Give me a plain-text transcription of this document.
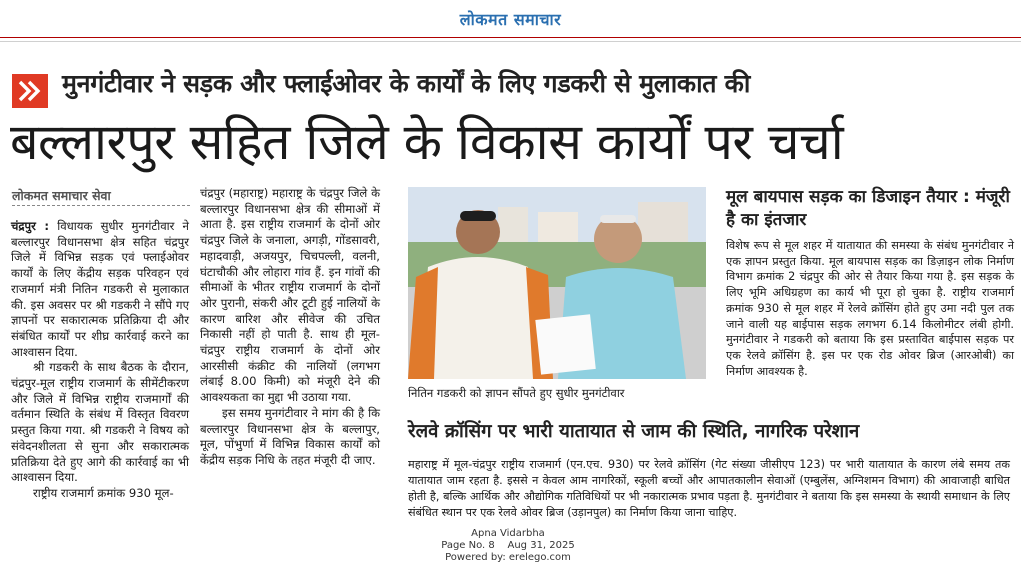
लोकमत समाचार
मुनगंटीवार ने सड़क और फ्लाईओवर के कार्यों के लिए गडकरी से मुलाकात की
बल्लारपुर सहित जिले के विकास कार्यों पर चर्चा
लोकमत समाचार सेवा

चंद्रपुर : विधायक सुधीर मुनगंटीवार ने बल्लारपुर विधानसभा क्षेत्र सहित चंद्रपुर जिले में विभिन्न सड़क एवं फ्लाईओवर कार्यों के लिए केंद्रीय सड़क परिवहन एवं राजमार्ग मंत्री नितिन गडकरी से मुलाकात की. इस अवसर पर श्री गडकरी ने सौंपे गए ज्ञापनों पर सकारात्मक प्रतिक्रिया दी और संबंधित कार्यों पर शीघ्र कार्रवाई करने का आश्वासन दिया.

श्री गडकरी के साथ बैठक के दौरान, चंद्रपुर-मूल राष्ट्रीय राजमार्ग के सीमेंटीकरण और जिले में विभिन्न राष्ट्रीय राजमार्गों की वर्तमान स्थिति के संबंध में विस्तृत विवरण प्रस्तुत किया गया. श्री गडकरी ने विषय को संवेदनशीलता से सुना और सकारात्मक प्रतिक्रिया देते हुए आगे की कार्रवाई का भी आश्वासन दिया.

राष्ट्रीय राजमार्ग क्रमांक 930 मूल-

चंद्रपुर (महाराष्ट्र) महाराष्ट्र के चंद्रपुर जिले के बल्लारपुर विधानसभा क्षेत्र की सीमाओं में आता है. इस राष्ट्रीय राजमार्ग के दोनों ओर चंद्रपुर जिले के जनाला, अगड़ी, गोंडसावरी, महादवाड़ी, अजयपुर, चिचपल्ली, वलनी, घंटाचौकी और लोहारा गांव हैं. इन गांवों की सीमाओं के भीतर राष्ट्रीय राजमार्ग के दोनों ओर पुरानी, संकरी और टूटी हुई नालियों के कारण बारिश और सीवेज की उचित निकासी नहीं हो पाती है. साथ ही मूल-चंद्रपुर राष्ट्रीय राजमार्ग के दोनों ओर आरसीसी कंक्रीट की नालियों (लगभग लंबाई 8.00 किमी) को मंजूरी देने की आवश्यकता का मुद्दा भी उठाया गया.

इस समय मुनगंटीवार ने मांग की है कि बल्लारपुर विधानसभा क्षेत्र के बल्लापुर, मूल, पोंभुर्णा में विभिन्न विकास कार्यों को केंद्रीय सड़क निधि के तहत मंजूरी दी जाए.

नितिन गडकरी को ज्ञापन सौंपते हुए सुधीर मुनगंटीवार
मूल बायपास सड़क का डिजाइन तैयार : मंजूरी है का इंतजार

विशेष रूप से मूल शहर में यातायात की समस्या के संबंध मुनगंटीवार ने एक ज्ञापन प्रस्तुत किया. मूल बायपास सड़क का डिज़ाइन लोक निर्माण विभाग क्रमांक 2 चंद्रपुर की ओर से तैयार किया गया है. इस सड़क के लिए भूमि अधिग्रहण का कार्य भी पूरा हो चुका है. राष्ट्रीय राजमार्ग क्रमांक 930 से मूल शहर में रेलवे क्रॉसिंग होते हुए उमा नदी पुल तक जाने वाली यह बाईपास सड़क लगभग 6.14 किलोमीटर लंबी होगी. मुनगंटीवार ने गडकरी को बताया कि इस प्रस्तावित बाईपास सड़क पर एक रेलवे क्रॉसिंग है. इस पर एक रोड ओवर ब्रिज (आरओबी) का निर्माण आवश्यक है.

रेलवे क्रॉसिंग पर भारी यातायात से जाम की स्थिति, नागरिक परेशान

महाराष्ट्र में मूल-चंद्रपुर राष्ट्रीय राजमार्ग (एन.एच. 930) पर रेलवे क्रॉसिंग (गेट संख्या जीसीएप 123) पर भारी यातायात के कारण लंबे समय तक यातायात जाम रहता है. इससे न केवल आम नागरिकों, स्कूली बच्चों और आपातकालीन सेवाओं (एम्बुलेंस, अग्निशमन विभाग) की आवाजाही बाधित होती है, बल्कि आर्थिक और औद्योगिक गतिविधियों पर भी नकारात्मक प्रभाव पड़ता है. मुनगंटीवार ने बताया कि इस समस्या के स्थायी समाधान के लिए संबंधित स्थान पर एक रेलवे ओवर ब्रिज (उड़ानपुल) का निर्माण किया जाना चाहिए.

Apna Vidarbha
Page No. 8    Aug 31, 2025
Powered by: erelego.com
